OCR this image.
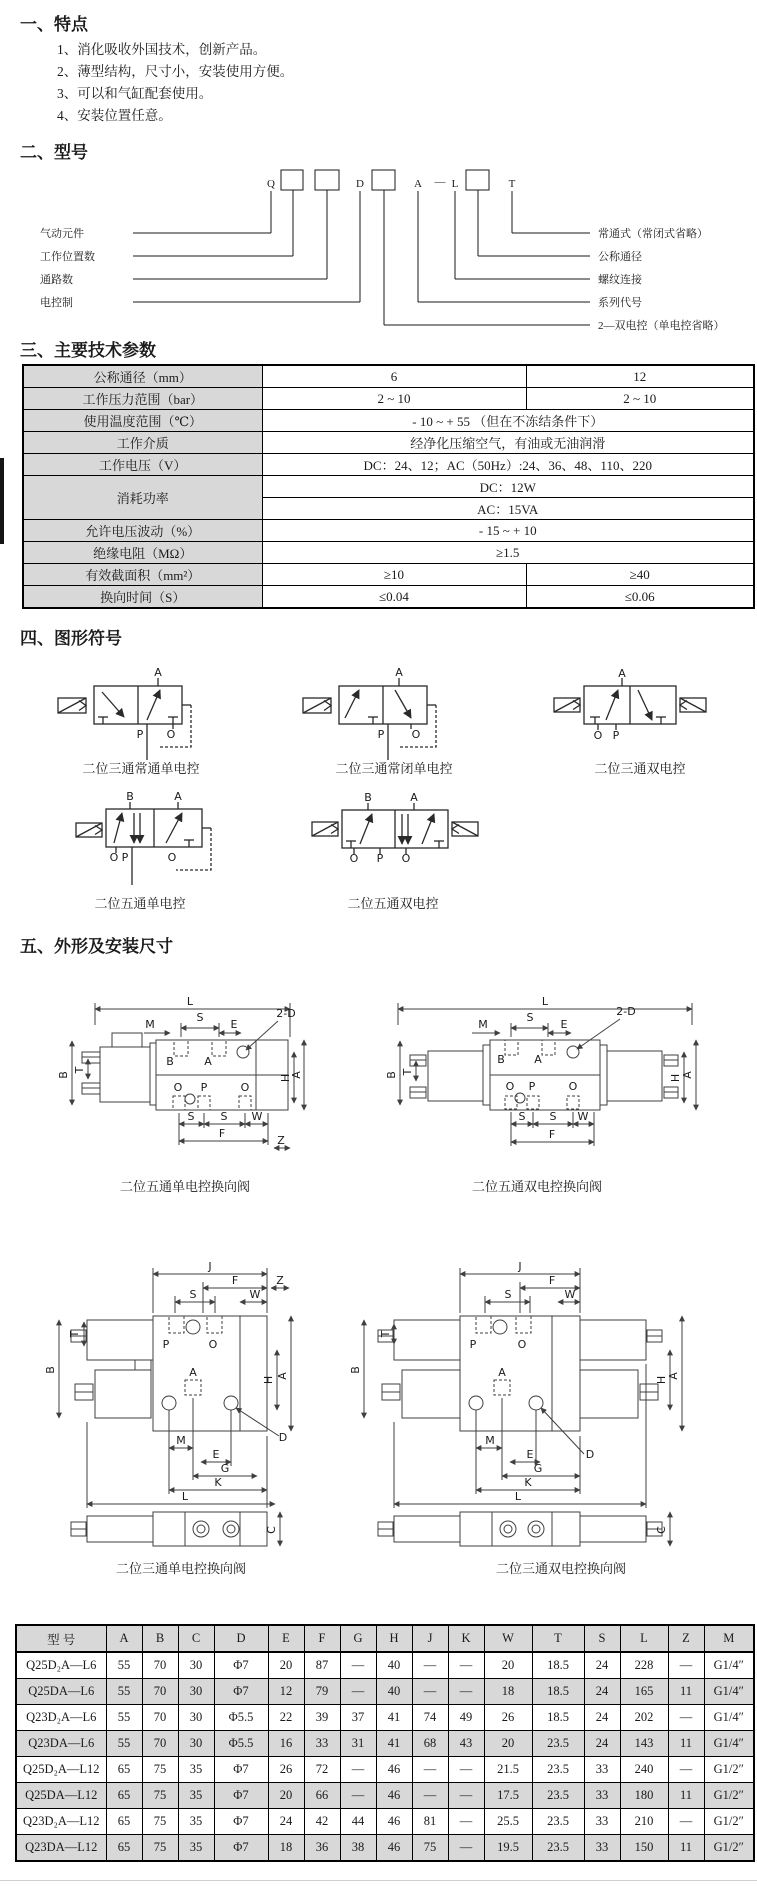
一、特点
1、消化吸收外国技术，创新产品。
2、薄型结构，尺寸小，安装使用方便。
3、可以和气缸配套使用。
4、安装位置任意。
二、型号
Q	D	A — L	T
气动元件
工作位置数
通路数
电控制
常通式（常闭式省略）
公称通径
螺纹连接
系列代号
2—双电控（单电控省略）
三、主要技术参数
公称通径（mm）	6	12
工作压力范围（bar）	2 ~ 10	2 ~ 10
使用温度范围（℃）	- 10 ~ + 55 （但在不冻结条件下）	
工作介质	经净化压缩空气，有油或无油润滑	
工作电压（V）	DC：24、12；AC（50Hz）:24、36、48、110、220	
消耗功率	DC：12W	
	AC：15VA	
允许电压波动（%）	- 15 ~ + 10	
绝缘电阻（MΩ）	≥1.5	
有效截面积（mm²）	≥10	≥40
换向时间（S）	≤0.04	≤0.06
四、图形符号
A
P O
A
P O
A
O P
B	A
O P	O
B	A
O P O
二位三通常通单电控	二位三通常闭单电控	二位三通双电控
二位五通单电控	二位五通双电控
五、外形及安装尺寸
L
M
S
E
2-D
B
T
B	A
O P	O
H
A
S S W
F
Z
L
M
S
E
2-D
B T
B	A
O P	O
H A
S S W
F
二位五通单电控换向阀	二位五通双电控换向阀
J
F
S
Z
W
T
B
P	O
A
H A
M
E
G
K
L
D
C
J
F
S	W
T
B
P	O
A
H A
M
E
G
K
L
D
C
二位三通单电控换向阀	二位三通双电控换向阀
型 号	A	B	C	D	E	F	G	H	J	K	W	T	S	L	Z	M
Q25D₂A—L6	55	70	30	Φ7	20	87	—	40	—	—	20	18.5	24	228	—	G1/4″
Q25DA—L6	55	70	30	Φ7	12	79	—	40	—	—	18	18.5	24	165	11	G1/4″
Q23D₂A—L6	55	70	30	Φ5.5	22	39	37	41	74	49	26	18.5	24	202	—	G1/4″
Q23DA—L6	55	70	30	Φ5.5	16	33	31	41	68	43	20	23.5	24	143	11	G1/4″
Q25D₂A—L12	65	75	35	Φ7	26	72	—	46	—	—	21.5	23.5	33	240	—	G1/2″
Q25DA—L12	65	75	35	Φ7	20	66	—	46	—	—	17.5	23.5	33	180	11	G1/2″
Q23D₂A—L12	65	75	35	Φ7	24	42	44	46	81	—	25.5	23.5	33	210	—	G1/2″
Q23DA—L12	65	75	35	Φ7	18	36	38	46	75	—	19.5	23.5	33	150	11	G1/2″
